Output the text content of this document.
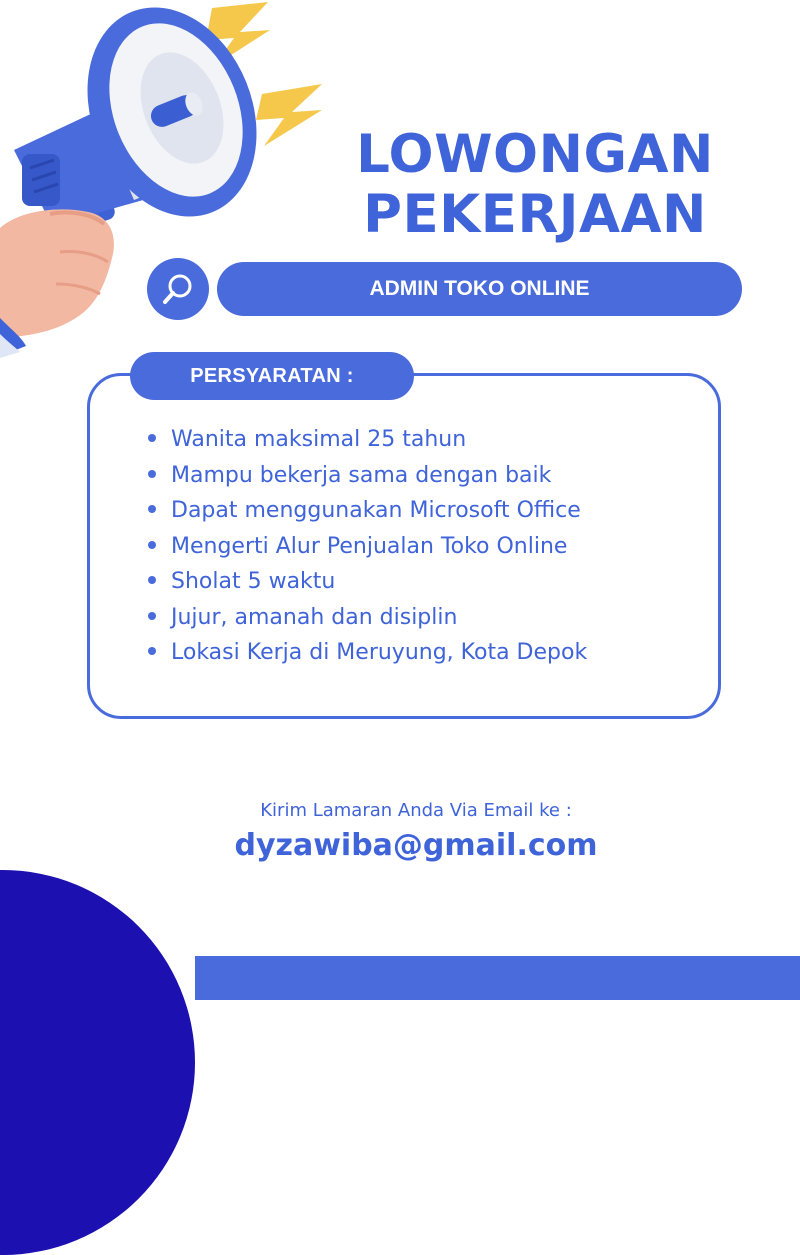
LOWONGAN
PEKERJAAN
ADMIN TOKO ONLINE
PERSYARATAN :
Wanita maksimal 25 tahun
Mampu bekerja sama dengan baik
Dapat menggunakan Microsoft Office
Mengerti Alur Penjualan Toko Online
Sholat 5 waktu
Jujur, amanah dan disiplin
Lokasi Kerja di Meruyung, Kota Depok
Kirim Lamaran Anda Via Email ke :
dyzawiba@gmail.com
